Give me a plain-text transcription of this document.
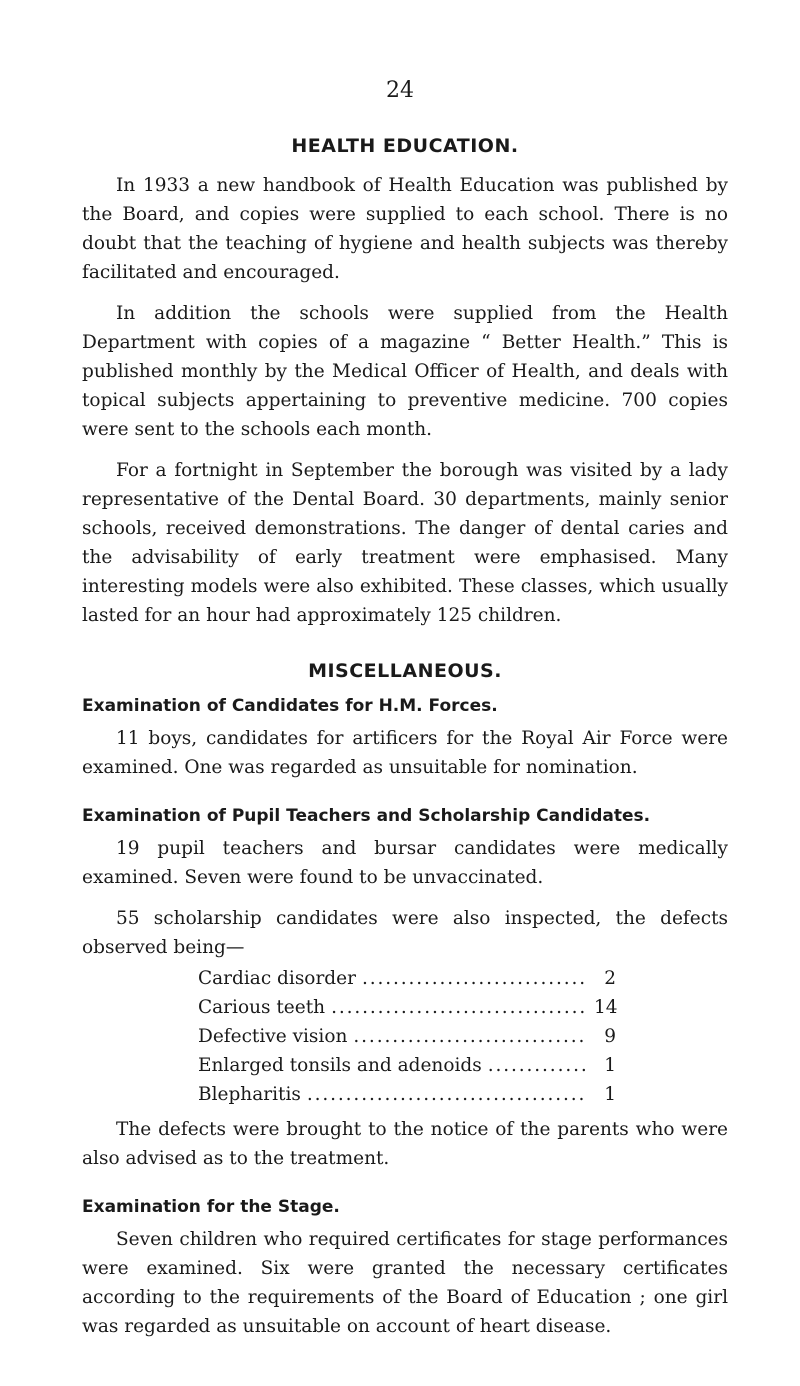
24
HEALTH EDUCATION.

In 1933 a new handbook of Health Education was published by the Board, and copies were supplied to each school. There is no doubt that the teaching of hygiene and health subjects was thereby facilitated and encouraged.

In addition the schools were supplied from the Health Department with copies of a magazine “ Better Health.” This is published monthly by the Medical Officer of Health, and deals with topical subjects appertaining to preventive medicine. 700 copies were sent to the schools each month.

For a fortnight in September the borough was visited by a lady representative of the Dental Board. 30 departments, mainly senior schools, received demonstrations. The danger of dental caries and the advisability of early treatment were emphasised. Many interesting models were also exhibited. These classes, which usually lasted for an hour had approximately 125 children.

MISCELLANEOUS.
Examination of Candidates for H.M. Forces.

11 boys, candidates for artificers for the Royal Air Force were examined. One was regarded as unsuitable for nomination.

Examination of Pupil Teachers and Scholarship Candidates.

19 pupil teachers and bursar candidates were medically examined. Seven were found to be unvaccinated.

55 scholarship candidates were also inspected, the defects observed being—

Cardiac disorder . . .	2
Carious teeth . . .	14
Defective vision . . .	9
Enlarged tonsils and adenoids . . .	1
Blepharitis . . .	1

The defects were brought to the notice of the parents who were also advised as to the treatment.

Examination for the Stage.

Seven children who required certificates for stage performances were examined. Six were granted the necessary certificates according to the requirements of the Board of Education ; one girl was regarded as unsuitable on account of heart disease.
